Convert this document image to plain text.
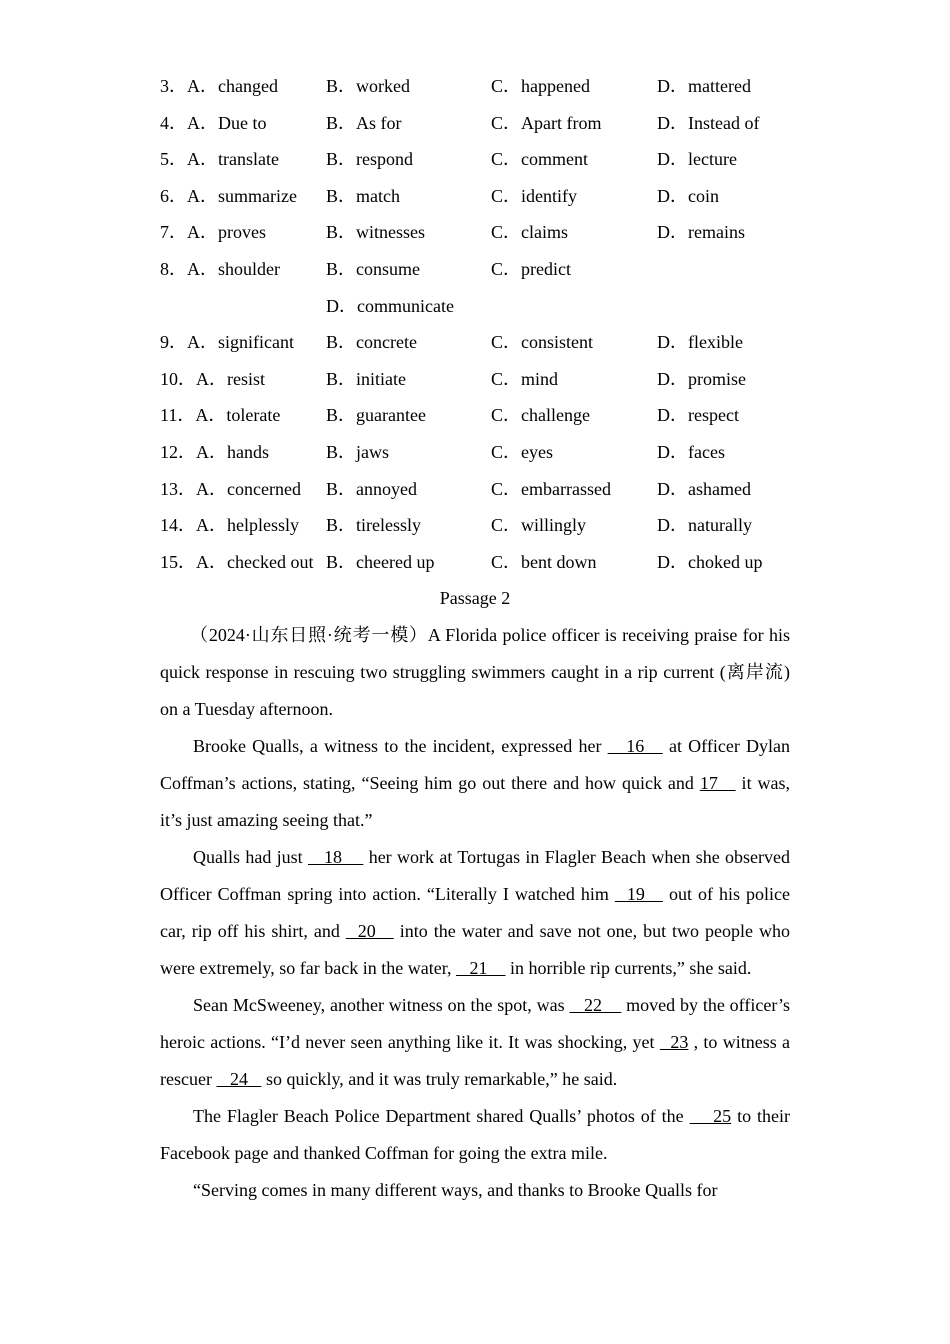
3．A．changed	B．worked	C．happened	D．mattered
4．A．Due to	B．As for	C．Apart from	D．Instead of
5．A．translate	B．respond	C．comment	D．lecture
6．A．summarize B．match	C．identify	D．coin
7．A．proves	B．witnesses	C．claims	D．remains
8．A．shoulder	B．consume	C．predict
D．communicate
9．A．significant B．concrete	C．consistent	D．flexible
10．A．resist	B．initiate	C．mind	D．promise
11．A．tolerate	B．guarantee	C．challenge	D．respect
12．A．hands	B．jaws	C．eyes	D．faces
13．A．concerned B．annoyed	C．embarrassed	D．ashamed
14．A．helplessly B．tirelessly	C．willingly	D．naturally
15．A．checked out B．cheered up	C．bent down	D．choked up
Passage 2

（2024·山东日照·统考一模）A Florida police officer is receiving praise for his quick response in rescuing two struggling swimmers caught in a rip current (离岸流) on a Tuesday afternoon.

Brooke Qualls, a witness to the incident, expressed her    16    at Officer Dylan Coffman’s actions, stating, “Seeing him go out there and how quick and 17    it was, it’s just amazing seeing that.”

Qualls had just    18     her work at Tortugas in Flagler Beach when she observed Officer Coffman spring into action. “Literally I watched him   19    out of his police car, rip off his shirt, and   20    into the water and save not one, but two people who were extremely, so far back in the water,    21     in horrible rip currents,” she said.

Sean McSweeney, another witness on the spot, was    22     moved by the officer’s heroic actions. “I’d never seen anything like it. It was shocking, yet   23 , to witness a rescuer    24    so quickly, and it was truly remarkable,” he said.

The Flagler Beach Police Department shared Qualls’ photos of the     25 to their Facebook page and thanked Coffman for going the extra mile.

“Serving comes in many different ways, and thanks to Brooke Qualls for
